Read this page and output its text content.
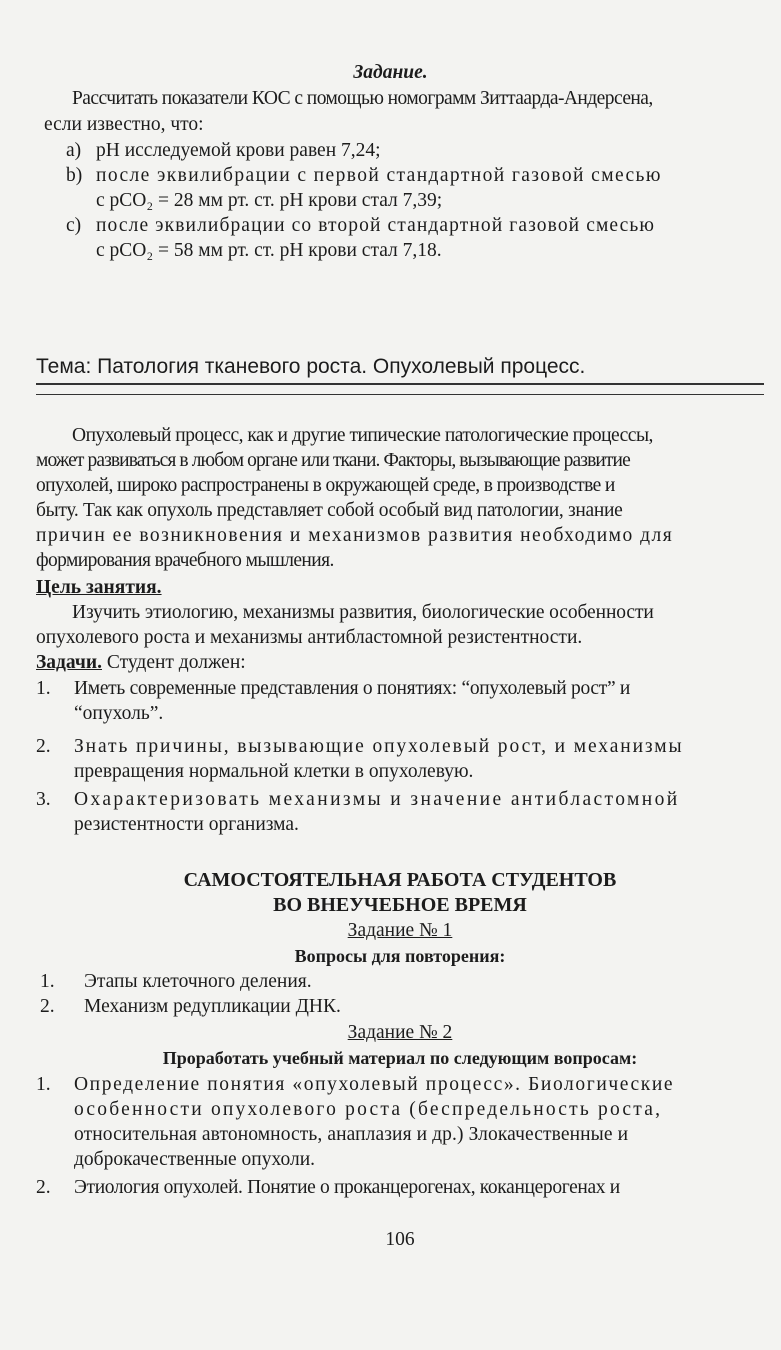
Задание.
Рассчитать показатели КОС с помощью номограмм Зиттаарда-Андерсена,
если известно, что:
а) рН исследуемой крови равен 7,24;
b) после эквилибрации с первой стандартной газовой смесью
с рСО₂ = 28 мм рт. ст. рН крови стал 7,39;
с) после эквилибрации со второй стандартной газовой смесью
с рСО₂ = 58 мм рт. ст. рН крови стал 7,18.
Тема: Патология тканевого роста. Опухолевый процесс.
Опухолевый процесс, как и другие типические патологические процессы,
может развиваться в любом органе или ткани. Факторы, вызывающие развитие
опухолей, широко распространены в окружающей среде, в производстве и
быту. Так как опухоль представляет собой особый вид патологии, знание
причин ее возникновения и механизмов развития необходимо для
формирования врачебного мышления.
Цель занятия.
Изучить этиологию, механизмы развития, биологические особенности
опухолевого роста и механизмы антибластомной резистентности.
Задачи. Студент должен:
1. Иметь современные представления о понятиях: “опухолевый рост” и
“опухоль”.
2. Знать причины, вызывающие опухолевый рост, и механизмы
превращения нормальной клетки в опухолевую.
3. Охарактеризовать механизмы и значение антибластомной
резистентности организма.
САМОСТОЯТЕЛЬНАЯ РАБОТА СТУДЕНТОВ
ВО ВНЕУЧЕБНОЕ ВРЕМЯ
Задание № 1
Вопросы для повторения:
1. Этапы клеточного деления.
2. Механизм редупликации ДНК.
Задание № 2
Проработать учебный материал по следующим вопросам:
1. Определение понятия «опухолевый процесс». Биологические
особенности опухолевого роста (беспредельность роста,
относительная автономность, анаплазия и др.) Злокачественные и
доброкачественные опухоли.
2. Этиология опухолей. Понятие о проканцерогенах, коканцерогенах и
106
